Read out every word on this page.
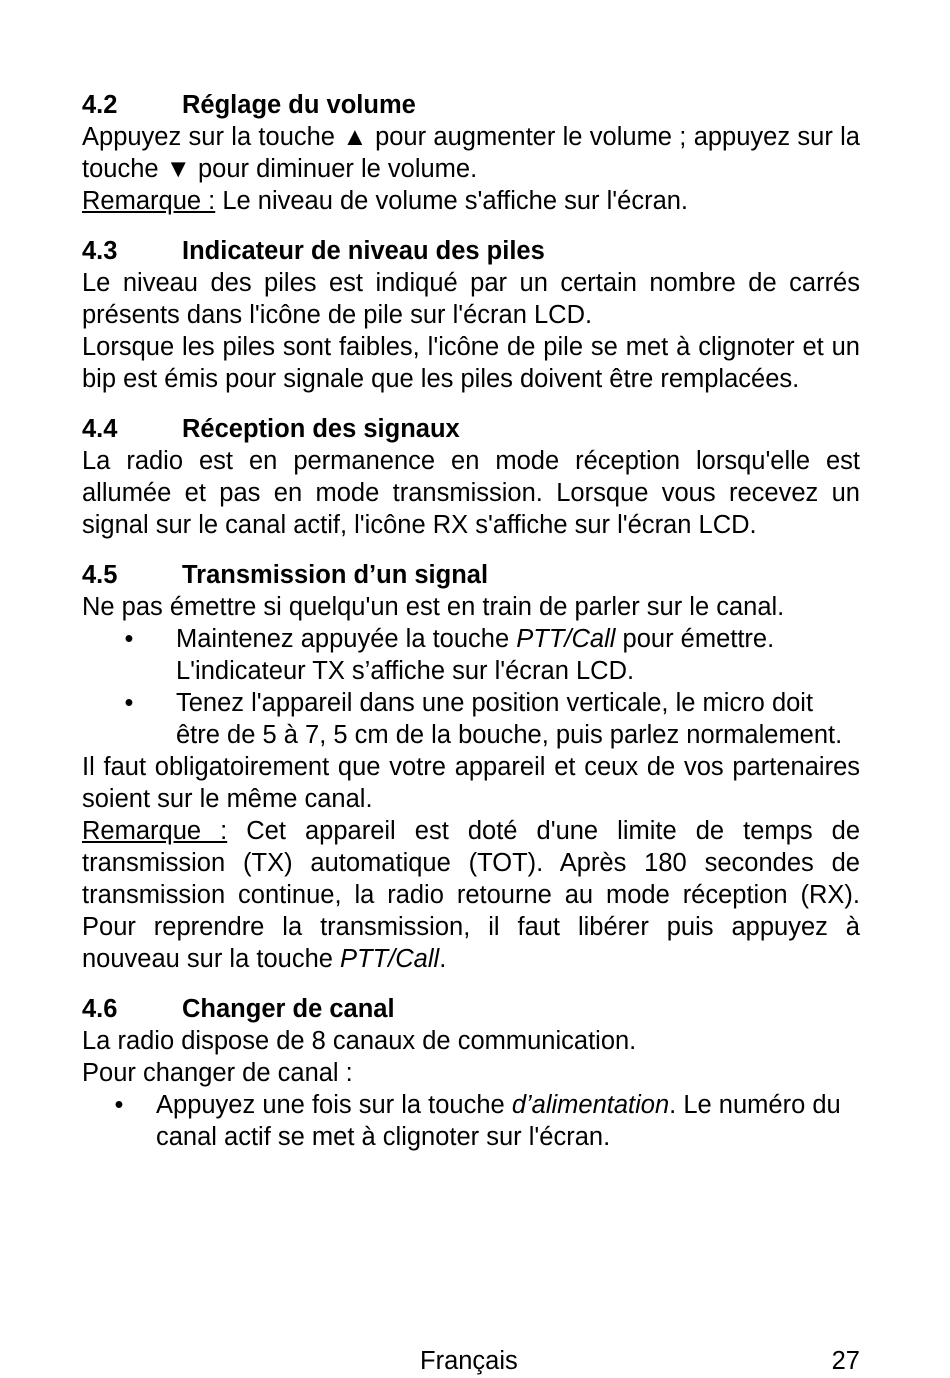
4.2	Réglage du volume

Appuyez sur la touche ▲ pour augmenter le volume ; appuyez sur la touche ▼ pour diminuer le volume.

Remarque : Le niveau de volume s'affiche sur l'écran.

4.3	Indicateur de niveau des piles

Le niveau des piles est indiqué par un certain nombre de carrés présents dans l'icône de pile sur l'écran LCD.

Lorsque les piles sont faibles, l'icône de pile se met à clignoter et un bip est émis pour signale que les piles doivent être remplacées.

4.4	Réception des signaux

La radio est en permanence en mode réception lorsqu'elle est allumée et pas en mode transmission. Lorsque vous recevez un signal sur le canal actif, l'icône RX s'affiche sur l'écran LCD.

4.5	Transmission d’un signal

Ne pas émettre si quelqu'un est en train de parler sur le canal.

•	Maintenez appuyée la touche PTT/Call pour émettre. L'indicateur TX s’affiche sur l'écran LCD.
•	Tenez l'appareil dans une position verticale, le micro doit être de 5 à 7, 5 cm de la bouche, puis parlez normalement.

Il faut obligatoirement que votre appareil et ceux de vos partenaires soient sur le même canal.

Remarque : Cet appareil est doté d'une limite de temps de transmission (TX) automatique (TOT). Après 180 secondes de transmission continue, la radio retourne au mode réception (RX). Pour reprendre la transmission, il faut libérer puis appuyez à nouveau sur la touche PTT/Call.

4.6	Changer de canal

La radio dispose de 8 canaux de communication.

Pour changer de canal :

•	Appuyez une fois sur la touche d’alimentation. Le numéro du canal actif se met à clignoter sur l'écran.
Français	27
